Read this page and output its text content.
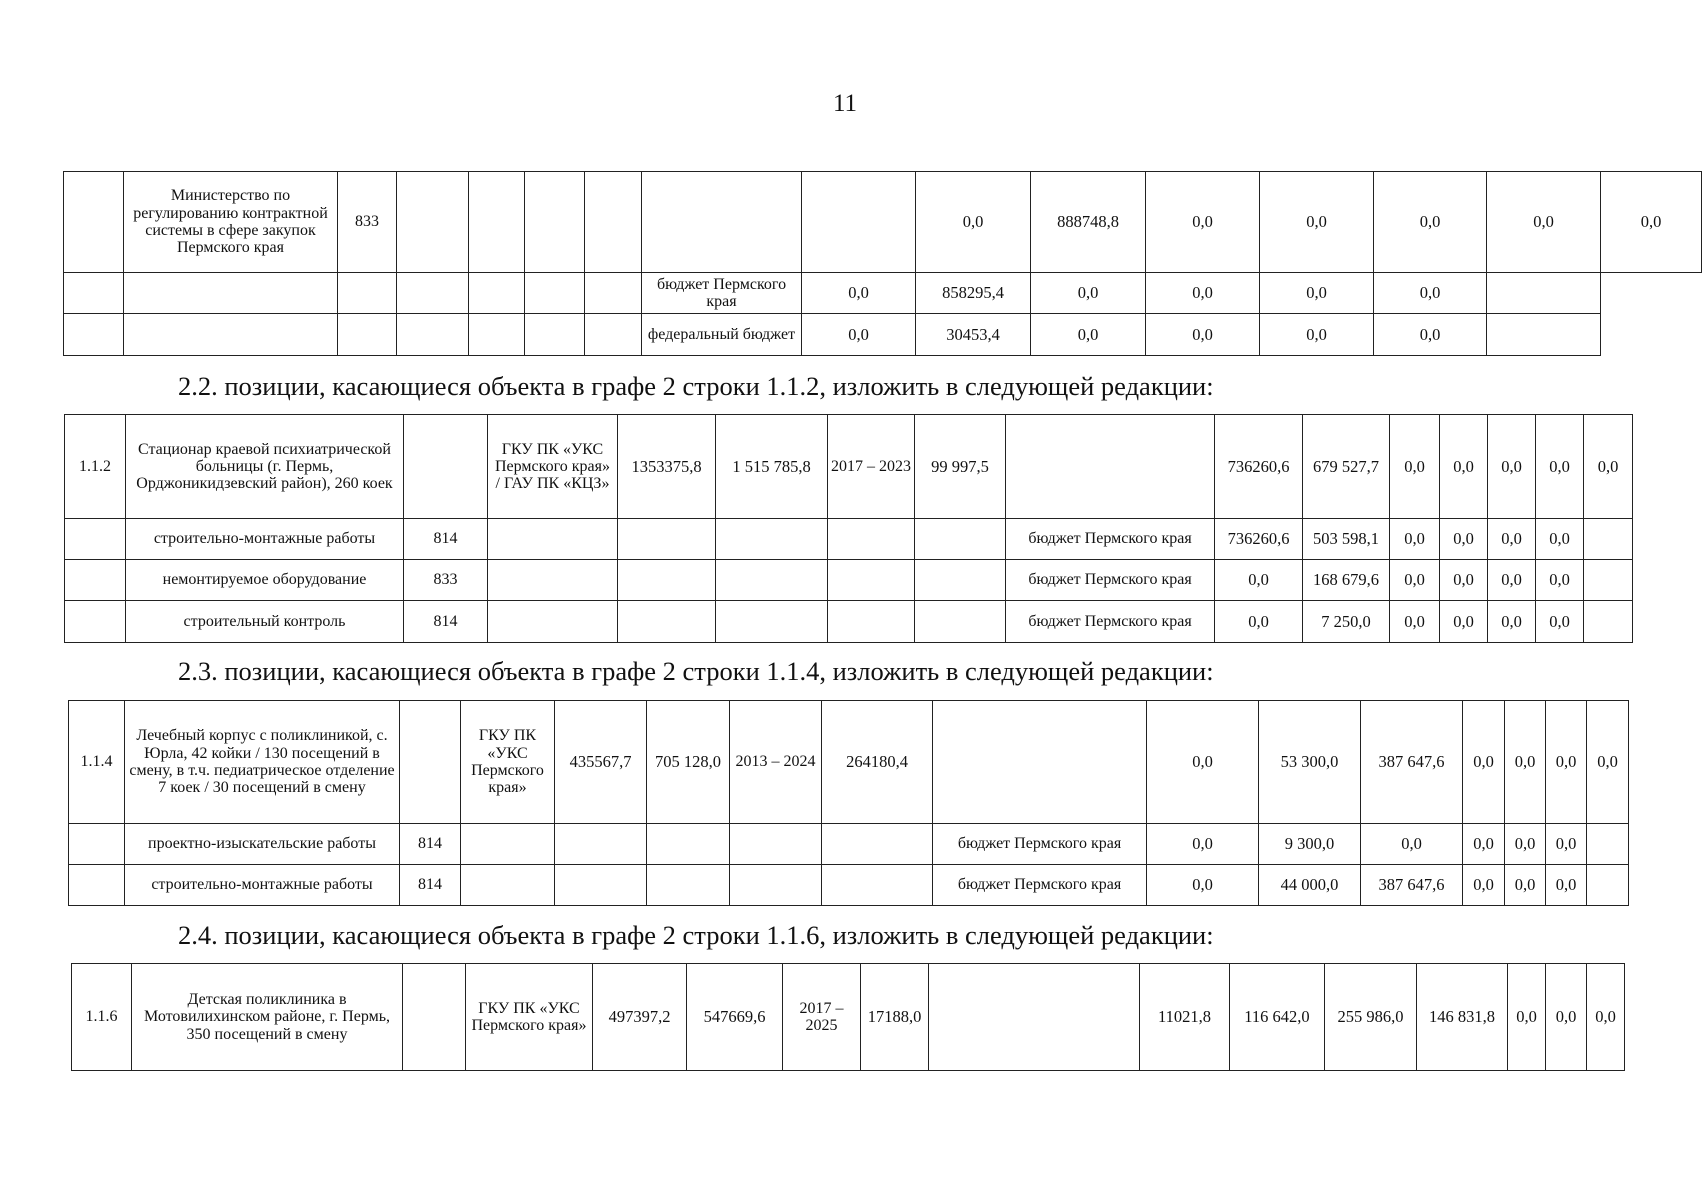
11
	Министерство по регулированию контрактной системы в сфере закупок Пермского края	833							0,0	888748,8	0,0	0,0	0,0	0,0	0,0
							бюджет Пермского края	0,0	858295,4	0,0	0,0	0,0	0,0		
							федеральный бюджет	0,0	30453,4	0,0	0,0	0,0	0,0		
2.2. позиции, касающиеся объекта в графе 2 строки 1.1.2, изложить в следующей редакции:
1.1.2	Стационар краевой психиатрической больницы (г. Пермь, Орджоникидзевский район), 260 коек		ГКУ ПК «УКС Пермского края» / ГАУ ПК «КЦЗ»	1353375,8	1 515 785,8	2017 – 2023	99 997,5		736260,6	679 527,7	0,0	0,0	0,0	0,0	0,0
	строительно-монтажные работы	814						бюджет Пермского края	736260,6	503 598,1	0,0	0,0	0,0	0,0	
	немонтируемое оборудование	833						бюджет Пермского края	0,0	168 679,6	0,0	0,0	0,0	0,0	
	строительный контроль	814						бюджет Пермского края	0,0	7 250,0	0,0	0,0	0,0	0,0	
2.3. позиции, касающиеся объекта в графе 2 строки 1.1.4, изложить в следующей редакции:
1.1.4	Лечебный корпус с поликлиникой, с. Юрла, 42 койки / 130 посещений в смену, в т.ч. педиатрическое отделение 7 коек / 30 посещений в смену		ГКУ ПК «УКС Пермского края»	435567,7	705 128,0	2013 – 2024	264180,4		0,0	53 300,0	387 647,6	0,0	0,0	0,0	0,0
	проектно-изыскательские работы	814						бюджет Пермского края	0,0	9 300,0	0,0	0,0	0,0	0,0	
	строительно-монтажные работы	814						бюджет Пермского края	0,0	44 000,0	387 647,6	0,0	0,0	0,0	
2.4. позиции, касающиеся объекта в графе 2 строки 1.1.6, изложить в следующей редакции:
1.1.6	Детская поликлиника в Мотовилихинском районе, г. Пермь, 350 посещений в смену		ГКУ ПК «УКС Пермского края»	497397,2	547669,6	2017 – 2025	17188,0		11021,8	116 642,0	255 986,0	146 831,8	0,0	0,0	0,0
